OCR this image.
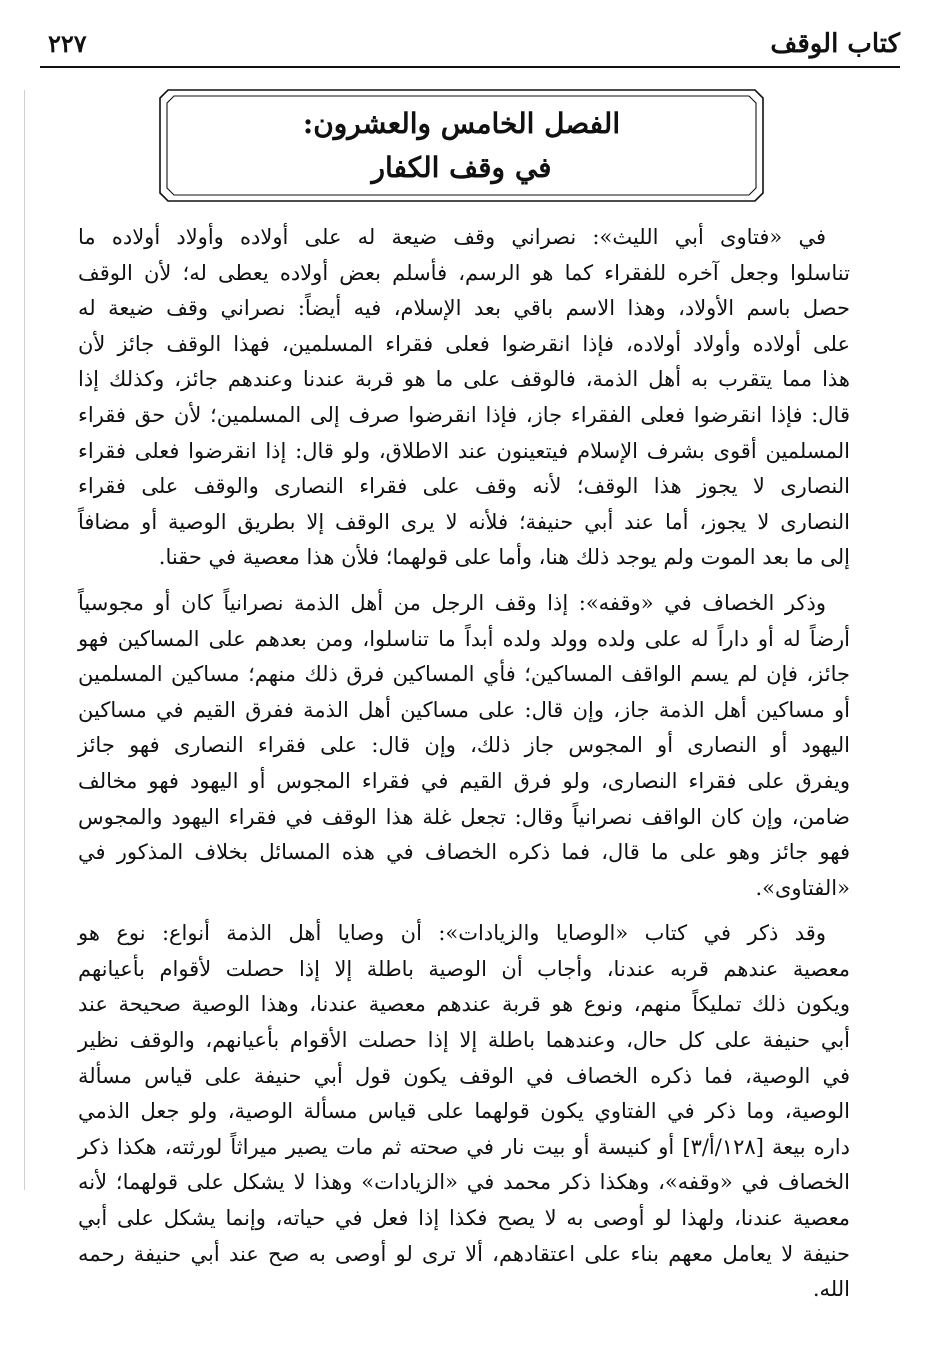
كتاب الوقف
٢٢٧
الفصل الخامس والعشرون:
في وقف الكفار
في «فتاوى أبي الليث»: نصراني وقف ضيعة له على أولاده وأولاد أولاده ما
تناسلوا وجعل آخره للفقراء كما هو الرسم، فأسلم بعض أولاده يعطى له؛ لأن الوقف
حصل باسم الأولاد، وهذا الاسم باقي بعد الإسلام، فيه أيضاً: نصراني وقف ضيعة له
على أولاده وأولاد أولاده، فإذا انقرضوا فعلى فقراء المسلمين، فهذا الوقف جائز لأن
هذا مما يتقرب به أهل الذمة، فالوقف على ما هو قربة عندنا وعندهم جائز، وكذلك إذا
قال: فإذا انقرضوا فعلى الفقراء جاز، فإذا انقرضوا صرف إلى المسلمين؛ لأن حق فقراء
المسلمين أقوى بشرف الإسلام فيتعينون عند الاطلاق، ولو قال: إذا انقرضوا فعلى فقراء
النصارى لا يجوز هذا الوقف؛ لأنه وقف على فقراء النصارى والوقف على فقراء
النصارى لا يجوز، أما عند أبي حنيفة؛ فلأنه لا يرى الوقف إلا بطريق الوصية أو مضافاً
إلى ما بعد الموت ولم يوجد ذلك هنا، وأما على قولهما؛ فلأن هذا معصية في حقنا.
وذكر الخصاف في «وقفه»: إذا وقف الرجل من أهل الذمة نصرانياً كان أو مجوسياً
أرضاً له أو داراً له على ولده وولد ولده أبداً ما تناسلوا، ومن بعدهم على المساكين فهو
جائز، فإن لم يسم الواقف المساكين؛ فأي المساكين فرق ذلك منهم؛ مساكين المسلمين
أو مساكين أهل الذمة جاز، وإن قال: على مساكين أهل الذمة ففرق القيم في مساكين
اليهود أو النصارى أو المجوس جاز ذلك، وإن قال: على فقراء النصارى فهو جائز
ويفرق على فقراء النصارى، ولو فرق القيم في فقراء المجوس أو اليهود فهو مخالف
ضامن، وإن كان الواقف نصرانياً وقال: تجعل غلة هذا الوقف في فقراء اليهود والمجوس
فهو جائز وهو على ما قال، فما ذكره الخصاف في هذه المسائل بخلاف المذكور في
«الفتاوى».
وقد ذكر في كتاب «الوصايا والزيادات»: أن وصايا أهل الذمة أنواع: نوع هو
معصية عندهم قربه عندنا، وأجاب أن الوصية باطلة إلا إذا حصلت لأقوام بأعيانهم
ويكون ذلك تمليكاً منهم، ونوع هو قربة عندهم معصية عندنا، وهذا الوصية صحيحة عند
أبي حنيفة على كل حال، وعندهما باطلة إلا إذا حصلت الأقوام بأعيانهم، والوقف نظير
في الوصية، فما ذكره الخصاف في الوقف يكون قول أبي حنيفة على قياس مسألة
الوصية، وما ذكر في الفتاوي يكون قولهما على قياس مسألة الوصية، ولو جعل الذمي
داره بيعة [١٢٨/أ/٣] أو كنيسة أو بيت نار في صحته ثم مات يصير ميراثاً لورثته، هكذا ذكر
الخصاف في «وقفه»، وهكذا ذكر محمد في «الزيادات» وهذا لا يشكل على قولهما؛ لأنه
معصية عندنا، ولهذا لو أوصى به لا يصح فكذا إذا فعل في حياته، وإنما يشكل على أبي
حنيفة لا يعامل معهم بناء على اعتقادهم، ألا ترى لو أوصى به صح عند أبي حنيفة رحمه
الله.
